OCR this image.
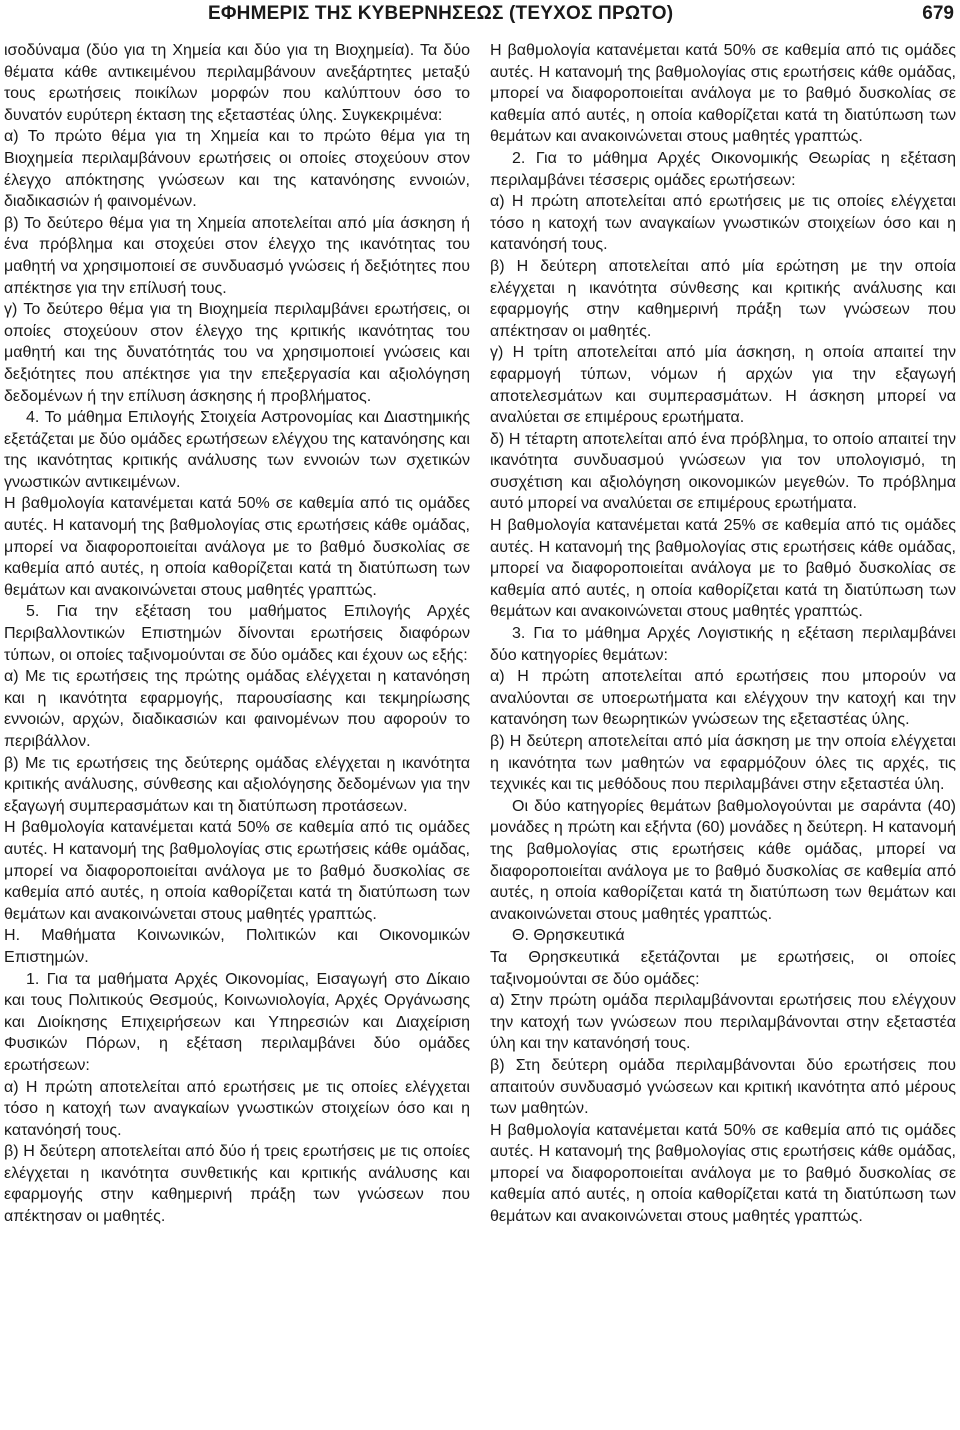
ΕΦΗΜΕΡΙΣ ΤΗΣ ΚΥΒΕΡΝΗΣΕΩΣ (ΤΕΥΧΟΣ ΠΡΩΤΟ)	679

ισοδύναμα (δύο για τη Χημεία και δύο για τη Βιοχημεία). Τα δύο θέματα κάθε αντικειμένου περιλαμβάνουν ανεξάρτητες μεταξύ τους ερωτήσεις ποικίλων μορφών που καλύπτουν όσο το δυνατόν ευρύτερη έκταση της εξεταστέας ύλης. Συγκεκριμένα:

α) Το πρώτο θέμα για τη Χημεία και το πρώτο θέμα για τη Βιοχημεία περιλαμβάνουν ερωτήσεις οι οποίες στοχεύουν στον έλεγχο απόκτησης γνώσεων και της κατανόησης εννοιών, διαδικασιών ή φαινομένων.

β) Το δεύτερο θέμα για τη Χημεία αποτελείται από μία άσκηση ή ένα πρόβλημα και στοχεύει στον έλεγχο της ικανότητας του μαθητή να χρησιμοποιεί σε συνδυασμό γνώσεις ή δεξιότητες που απέκτησε για την επίλυσή τους.

γ) Το δεύτερο θέμα για τη Βιοχημεία περιλαμβάνει ερωτήσεις, οι οποίες στοχεύουν στον έλεγχο της κριτικής ικανότητας του μαθητή και της δυνατότητάς του να χρησιμοποιεί γνώσεις και δεξιότητες που απέκτησε για την επεξεργασία και αξιολόγηση δεδομένων ή την επίλυση άσκησης ή προβλήματος.

4. Το μάθημα Επιλογής Στοιχεία Αστρονομίας και Διαστημικής εξετάζεται με δύο ομάδες ερωτήσεων ελέγχου της κατανόησης και της ικανότητας κριτικής ανάλυσης των εννοιών των σχετικών γνωστικών αντικειμένων.

Η βαθμολογία κατανέμεται κατά 50% σε καθεμία από τις ομάδες αυτές. Η κατανομή της βαθμολογίας στις ερωτήσεις κάθε ομάδας, μπορεί να διαφοροποιείται ανάλογα με το βαθμό δυσκολίας σε καθεμία από αυτές, η οποία καθορίζεται κατά τη διατύπωση των θεμάτων και ανακοινώνεται στους μαθητές γραπτώς.

5. Για την εξέταση του μαθήματος Επιλογής Αρχές Περιβαλλοντικών Επιστημών δίνονται ερωτήσεις διαφόρων τύπων, οι οποίες ταξινομούνται σε δύο ομάδες και έχουν ως εξής:

α) Με τις ερωτήσεις της πρώτης ομάδας ελέγχεται η κατανόηση και η ικανότητα εφαρμογής, παρουσίασης και τεκμηρίωσης εννοιών, αρχών, διαδικασιών και φαινομένων που αφορούν το περιβάλλον.

β) Με τις ερωτήσεις της δεύτερης ομάδας ελέγχεται η ικανότητα κριτικής ανάλυσης, σύνθεσης και αξιολόγησης δεδομένων για την εξαγωγή συμπερασμάτων και τη διατύπωση προτάσεων.

Η βαθμολογία κατανέμεται κατά 50% σε καθεμία από τις ομάδες αυτές. Η κατανομή της βαθμολογίας στις ερωτήσεις κάθε ομάδας, μπορεί να διαφοροποιείται ανάλογα με το βαθμό δυσκολίας σε καθεμία από αυτές, η οποία καθορίζεται κατά τη διατύπωση των θεμάτων και ανακοινώνεται στους μαθητές γραπτώς.

Η. Μαθήματα Κοινωνικών, Πολιτικών και Οικονομικών Επιστημών.

1. Για τα μαθήματα Αρχές Οικονομίας, Εισαγωγή στο Δίκαιο και τους Πολιτικούς Θεσμούς, Κοινωνιολογία, Αρχές Οργάνωσης και Διοίκησης Επιχειρήσεων και Υπηρεσιών και Διαχείριση Φυσικών Πόρων, η εξέταση περιλαμβάνει δύο ομάδες ερωτήσεων:

α) Η πρώτη αποτελείται από ερωτήσεις με τις οποίες ελέγχεται τόσο η κατοχή των αναγκαίων γνωστικών στοιχείων όσο και η κατανόησή τους.

β) Η δεύτερη αποτελείται από δύο ή τρεις ερωτήσεις με τις οποίες ελέγχεται η ικανότητα συνθετικής και κριτικής ανάλυσης και εφαρμογής στην καθημερινή πράξη των γνώσεων που απέκτησαν οι μαθητές.

Η βαθμολογία κατανέμεται κατά 50% σε καθεμία από τις ομάδες αυτές. Η κατανομή της βαθμολογίας στις ερωτήσεις κάθε ομάδας, μπορεί να διαφοροποιείται ανάλογα με το βαθμό δυσκολίας σε καθεμία από αυτές, η οποία καθορίζεται κατά τη διατύπωση των θεμάτων και ανακοινώνεται στους μαθητές γραπτώς.

2. Για το μάθημα Αρχές Οικονομικής Θεωρίας η εξέταση περιλαμβάνει τέσσερις ομάδες ερωτήσεων:

α) Η πρώτη αποτελείται από ερωτήσεις με τις οποίες ελέγχεται τόσο η κατοχή των αναγκαίων γνωστικών στοιχείων όσο και η κατανόησή τους.

β) Η δεύτερη αποτελείται από μία ερώτηση με την οποία ελέγχεται η ικανότητα σύνθεσης και κριτικής ανάλυσης και εφαρμογής στην καθημερινή πράξη των γνώσεων που απέκτησαν οι μαθητές.

γ) Η τρίτη αποτελείται από μία άσκηση, η οποία απαιτεί την εφαρμογή τύπων, νόμων ή αρχών για την εξαγωγή αποτελεσμάτων και συμπερασμάτων. Η άσκηση μπορεί να αναλύεται σε επιμέρους ερωτήματα.

δ) Η τέταρτη αποτελείται από ένα πρόβλημα, το οποίο απαιτεί την ικανότητα συνδυασμού γνώσεων για τον υπολογισμό, τη συσχέτιση και αξιολόγηση οικονομικών μεγεθών. Το πρόβλημα αυτό μπορεί να αναλύεται σε επιμέρους ερωτήματα.

Η βαθμολογία κατανέμεται κατά 25% σε καθεμία από τις ομάδες αυτές. Η κατανομή της βαθμολογίας στις ερωτήσεις κάθε ομάδας, μπορεί να διαφοροποιείται ανάλογα με το βαθμό δυσκολίας σε καθεμία από αυτές, η οποία καθορίζεται κατά τη διατύπωση των θεμάτων και ανακοινώνεται στους μαθητές γραπτώς.

3. Για το μάθημα Αρχές Λογιστικής η εξέταση περιλαμβάνει δύο κατηγορίες θεμάτων:

α) Η πρώτη αποτελείται από ερωτήσεις που μπορούν να αναλύονται σε υποερωτήματα και ελέγχουν την κατοχή και την κατανόηση των θεωρητικών γνώσεων της εξεταστέας ύλης.

β) Η δεύτερη αποτελείται από μία άσκηση με την οποία ελέγχεται η ικανότητα των μαθητών να εφαρμόζουν όλες τις αρχές, τις τεχνικές και τις μεθόδους που περιλαμβάνει στην εξεταστέα ύλη.

Οι δύο κατηγορίες θεμάτων βαθμολογούνται με σαράντα (40) μονάδες η πρώτη και εξήντα (60) μονάδες η δεύτερη. Η κατανομή της βαθμολογίας στις ερωτήσεις κάθε ομάδας, μπορεί να διαφοροποιείται ανάλογα με το βαθμό δυσκολίας σε καθεμία από αυτές, η οποία καθορίζεται κατά τη διατύπωση των θεμάτων και ανακοινώνεται στους μαθητές γραπτώς.

Θ. Θρησκευτικά

Τα Θρησκευτικά εξετάζονται με ερωτήσεις, οι οποίες ταξινομούνται σε δύο ομάδες:

α) Στην πρώτη ομάδα περιλαμβάνονται ερωτήσεις που ελέγχουν την κατοχή των γνώσεων που περιλαμβάνονται στην εξεταστέα ύλη και την κατανόησή τους.

β) Στη δεύτερη ομάδα περιλαμβάνονται δύο ερωτήσεις που απαιτούν συνδυασμό γνώσεων και κριτική ικανότητα από μέρους των μαθητών.

Η βαθμολογία κατανέμεται κατά 50% σε καθεμία από τις ομάδες αυτές. Η κατανομή της βαθμολογίας στις ερωτήσεις κάθε ομάδας, μπορεί να διαφοροποιείται ανάλογα με το βαθμό δυσκολίας σε καθεμία από αυτές, η οποία καθορίζεται κατά τη διατύπωση των θεμάτων και ανακοινώνεται στους μαθητές γραπτώς.
